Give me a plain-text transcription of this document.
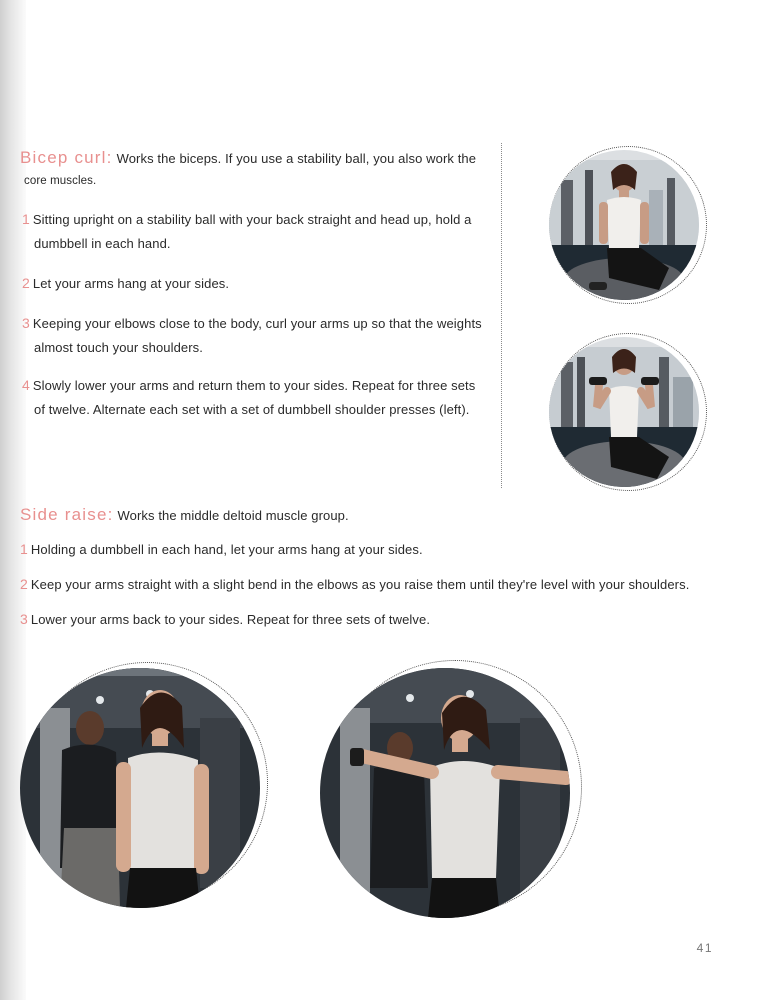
Bicep curl: Works the biceps. If you use a stability ball, you also work the
core muscles.
1 Sitting upright on a stability ball with your back straight and head up, hold a
dumbbell in each hand.
2 Let your arms hang at your sides.
3 Keeping your elbows close to the body, curl your arms up so that the weights
almost touch your shoulders.
4 Slowly lower your arms and return them to your sides. Repeat for three sets
of twelve. Alternate each set with a set of dumbbell shoulder presses (left).
Side raise: Works the middle deltoid muscle group.
1 Holding a dumbbell in each hand, let your arms hang at your sides.
2 Keep your arms straight with a slight bend in the elbows as you raise them until they're level with your shoulders.
3 Lower your arms back to your sides. Repeat for three sets of twelve.
41
